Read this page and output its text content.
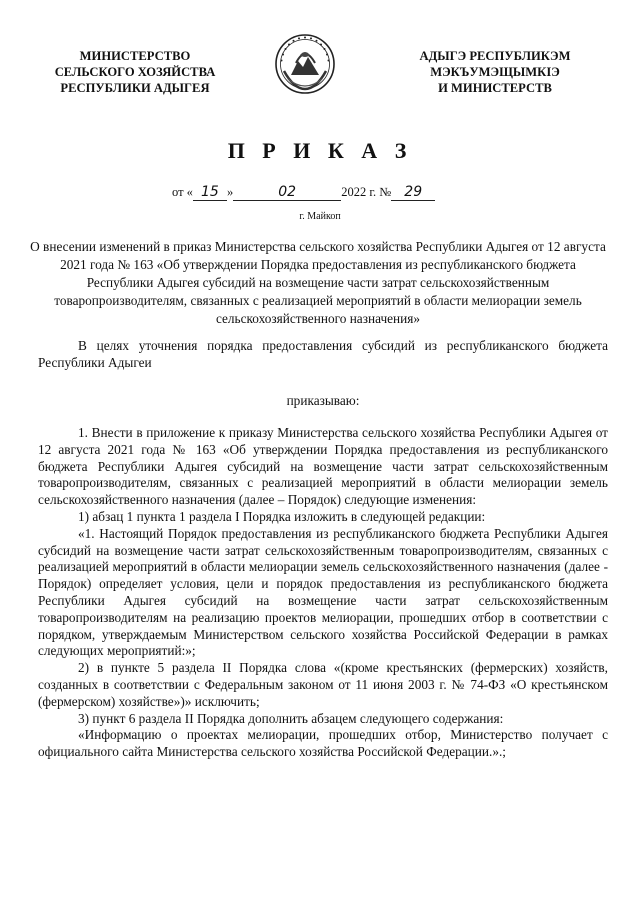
МИНИСТЕРСТВО
СЕЛЬСКОГО ХОЗЯЙСТВА
РЕСПУБЛИКИ АДЫГЕЯ
АДЫГЭ РЕСПУБЛИКЭМ
МЭКЪУМЭЩЫМКIЭ
И МИНИСТЕРСТВ
П Р И К А З
от « 15 »	02	2022 г. № 29
г. Майкоп
О внесении изменений в приказ Министерства сельского хозяйства Республики Адыгея от 12 августа 2021 года № 163 «Об утверждении Порядка предоставления из республиканского бюджета Республики Адыгея субсидий на возмещение части затрат сельскохозяйственным товаропроизводителям, связанных с реализацией мероприятий в области мелиорации земель сельскохозяйственного назначения»

В целях уточнения порядка предоставления субсидий из республиканского бюджета Республики Адыгеи

приказываю:

1. Внести в приложение к приказу Министерства сельского хозяйства Республики Адыгея от 12 августа 2021 года № 163 «Об утверждении Порядка предоставления из республиканского бюджета Республики Адыгея субсидий на возмещение части затрат сельскохозяйственным товаропроизводителям, связанных с реализацией мероприятий в области мелиорации земель сельскохозяйственного назначения (далее – Порядок) следующие изменения:

1) абзац 1 пункта 1 раздела I Порядка изложить в следующей редакции:

«1. Настоящий Порядок предоставления из республиканского бюджета Республики Адыгея субсидий на возмещение части затрат сельскохозяйственным товаропроизводителям, связанных с реализацией мероприятий в области мелиорации земель сельскохозяйственного назначения (далее - Порядок) определяет условия, цели и порядок предоставления из республиканского бюджета Республики Адыгея субсидий на возмещение части затрат сельскохозяйственным товаропроизводителям на реализацию проектов мелиорации, прошедших отбор в соответствии с порядком, утверждаемым Министерством сельского хозяйства Российской Федерации в рамках следующих мероприятий:»;

2) в пункте 5 раздела II Порядка слова «(кроме крестьянских (фермерских) хозяйств, созданных в соответствии с Федеральным законом от 11 июня 2003 г. № 74-ФЗ «О крестьянском (фермерском) хозяйстве»)» исключить;

3) пункт 6 раздела II Порядка дополнить абзацем следующего содержания:

«Информацию о проектах мелиорации, прошедших отбор, Министерство получает с официального сайта Министерства сельского хозяйства Российской Федерации.».;
